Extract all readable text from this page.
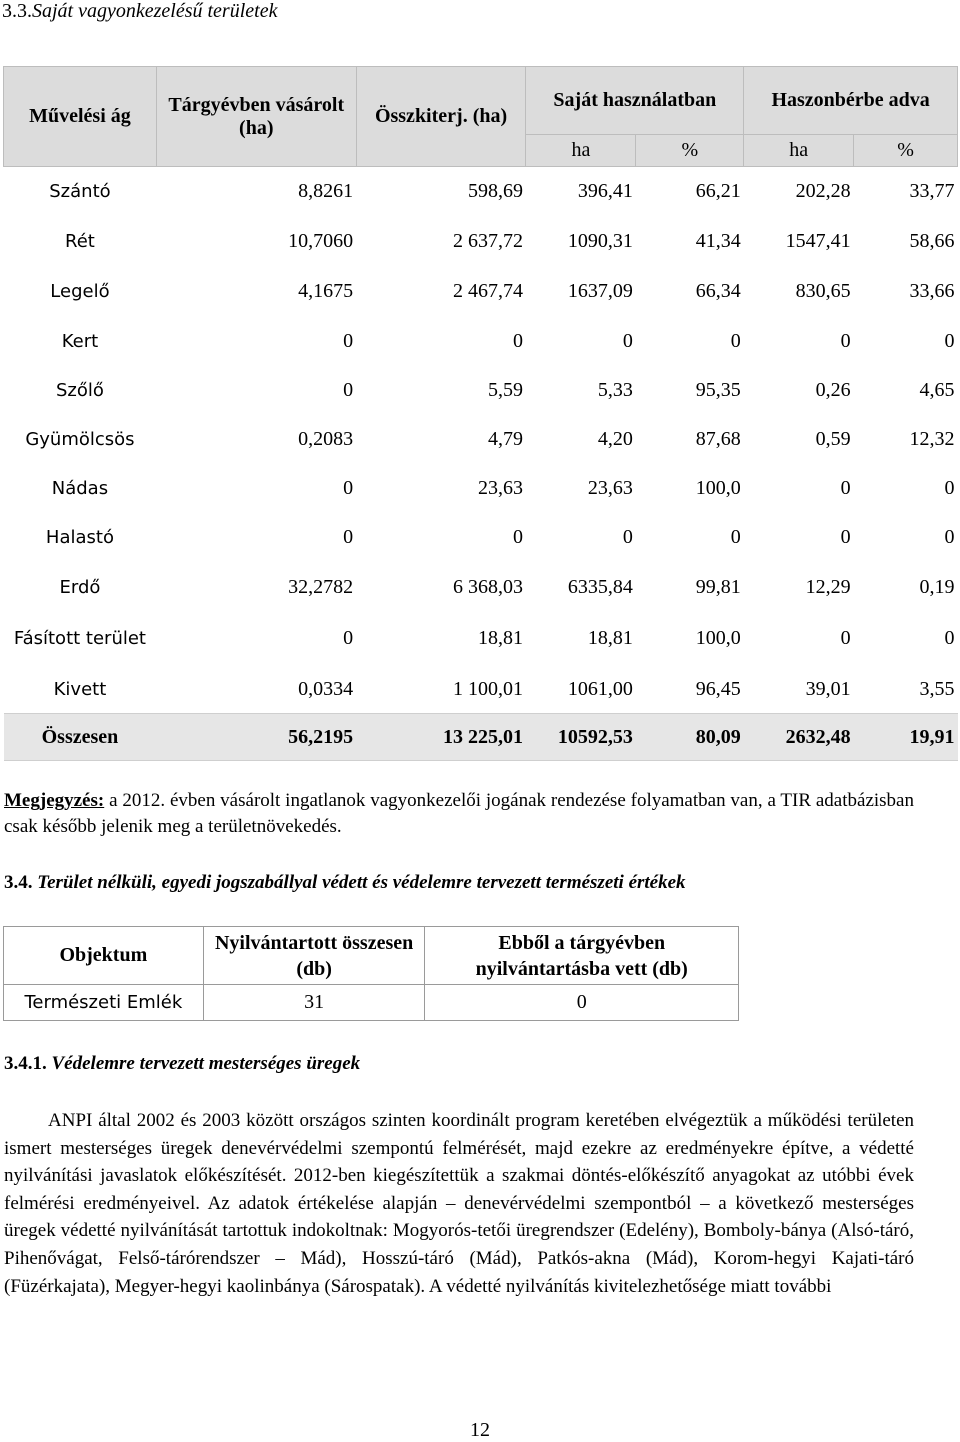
3.3.Saját vagyonkezelésű területek
Művelési ág	Tárgyévben vásárolt (ha)	Összkiterj. (ha)	Saját használatban		Haszonbérbe adva	
			ha	%	ha	%
Szántó	8,8261	598,69	396,41	66,21	202,28	33,77
Rét	10,7060	2 637,72	1090,31	41,34	1547,41	58,66
Legelő	4,1675	2 467,74	1637,09	66,34	830,65	33,66
Kert	0	0	0	0	0	0
Szőlő	0	5,59	5,33	95,35	0,26	4,65
Gyümölcsös	0,2083	4,79	4,20	87,68	0,59	12,32
Nádas	0	23,63	23,63	100,0	0	0
Halastó	0	0	0	0	0	0
Erdő	32,2782	6 368,03	6335,84	99,81	12,29	0,19
Fásított terület	0	18,81	18,81	100,0	0	0
Kivett	0,0334	1 100,01	1061,00	96,45	39,01	3,55
Összesen	56,2195	13 225,01	10592,53	80,09	2632,48	19,91
Megjegyzés: a 2012. évben vásárolt ingatlanok vagyonkezelői jogának rendezése folyamatban van, a TIR adatbázisban csak később jelenik meg a területnövekedés.
3.4. Terület nélküli, egyedi jogszabállyal védett és védelemre tervezett természeti értékek
Objektum	Nyilvántartott összesen (db)	Ebből a tárgyévben nyilvántartásba vett (db)
Természeti Emlék	31	0
3.4.1. Védelemre tervezett mesterséges üregek

ANPI által 2002 és 2003 között országos szinten koordinált program keretében elvégeztük a működési területen ismert mesterséges üregek denevérvédelmi szempontú felmérését, majd ezekre az eredményekre építve, a védetté nyilvánítási javaslatok előkészítését. 2012-ben kiegészítettük a szakmai döntés-előkészítő anyagokat az utóbbi évek felmérési eredményeivel. Az adatok értékelése alapján – denevérvédelmi szempontból – a következő mesterséges üregek védetté nyilvánítását tartottuk indokoltnak: Mogyorós-tetői üregrendszer (Edelény), Bomboly-bánya (Alsó-táró, Pihenővágat, Felső-tárórendszer – Mád), Hosszú-táró (Mád), Patkós-akna (Mád), Korom-hegyi Kajati-táró (Füzérkajata), Megyer-hegyi kaolinbánya (Sárospatak). A védetté nyilvánítás kivitelezhetősége miatt további

12
